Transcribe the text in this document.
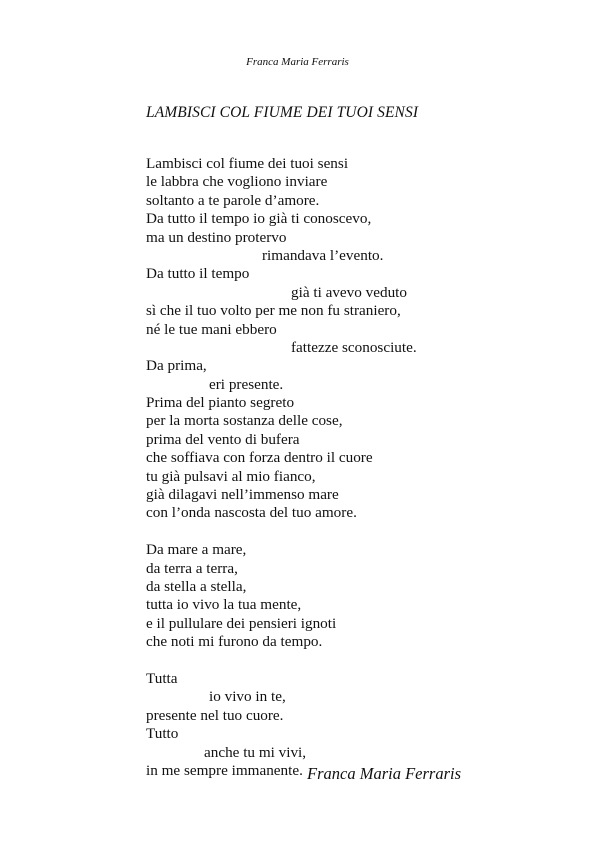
Franca Maria Ferraris
LAMBISCI COL FIUME DEI TUOI SENSI
Lambisci col fiume dei tuoi sensi
le labbra che vogliono inviare
soltanto a te parole d’amore.
Da tutto il tempo io già ti conoscevo,
ma un destino protervo
rimandava l’evento.
Da tutto il tempo
già ti avevo veduto
sì che il tuo volto per me non fu straniero,
né le tue mani ebbero
fattezze sconosciute.
Da prima,
eri presente.
Prima del pianto segreto
per la morta sostanza delle cose,
prima del vento di bufera
che soffiava con forza dentro il cuore
tu già pulsavi al mio fianco,
già dilagavi nell’immenso mare
con l’onda nascosta del tuo amore.
Da mare a mare,
da terra a terra,
da stella a stella,
tutta io vivo la tua mente,
e il pullulare dei pensieri ignoti
che noti mi furono da tempo.
Tutta
io vivo in te,
presente nel tuo cuore.
Tutto
anche tu mi vivi,
in me sempre immanente. Franca Maria Ferraris
